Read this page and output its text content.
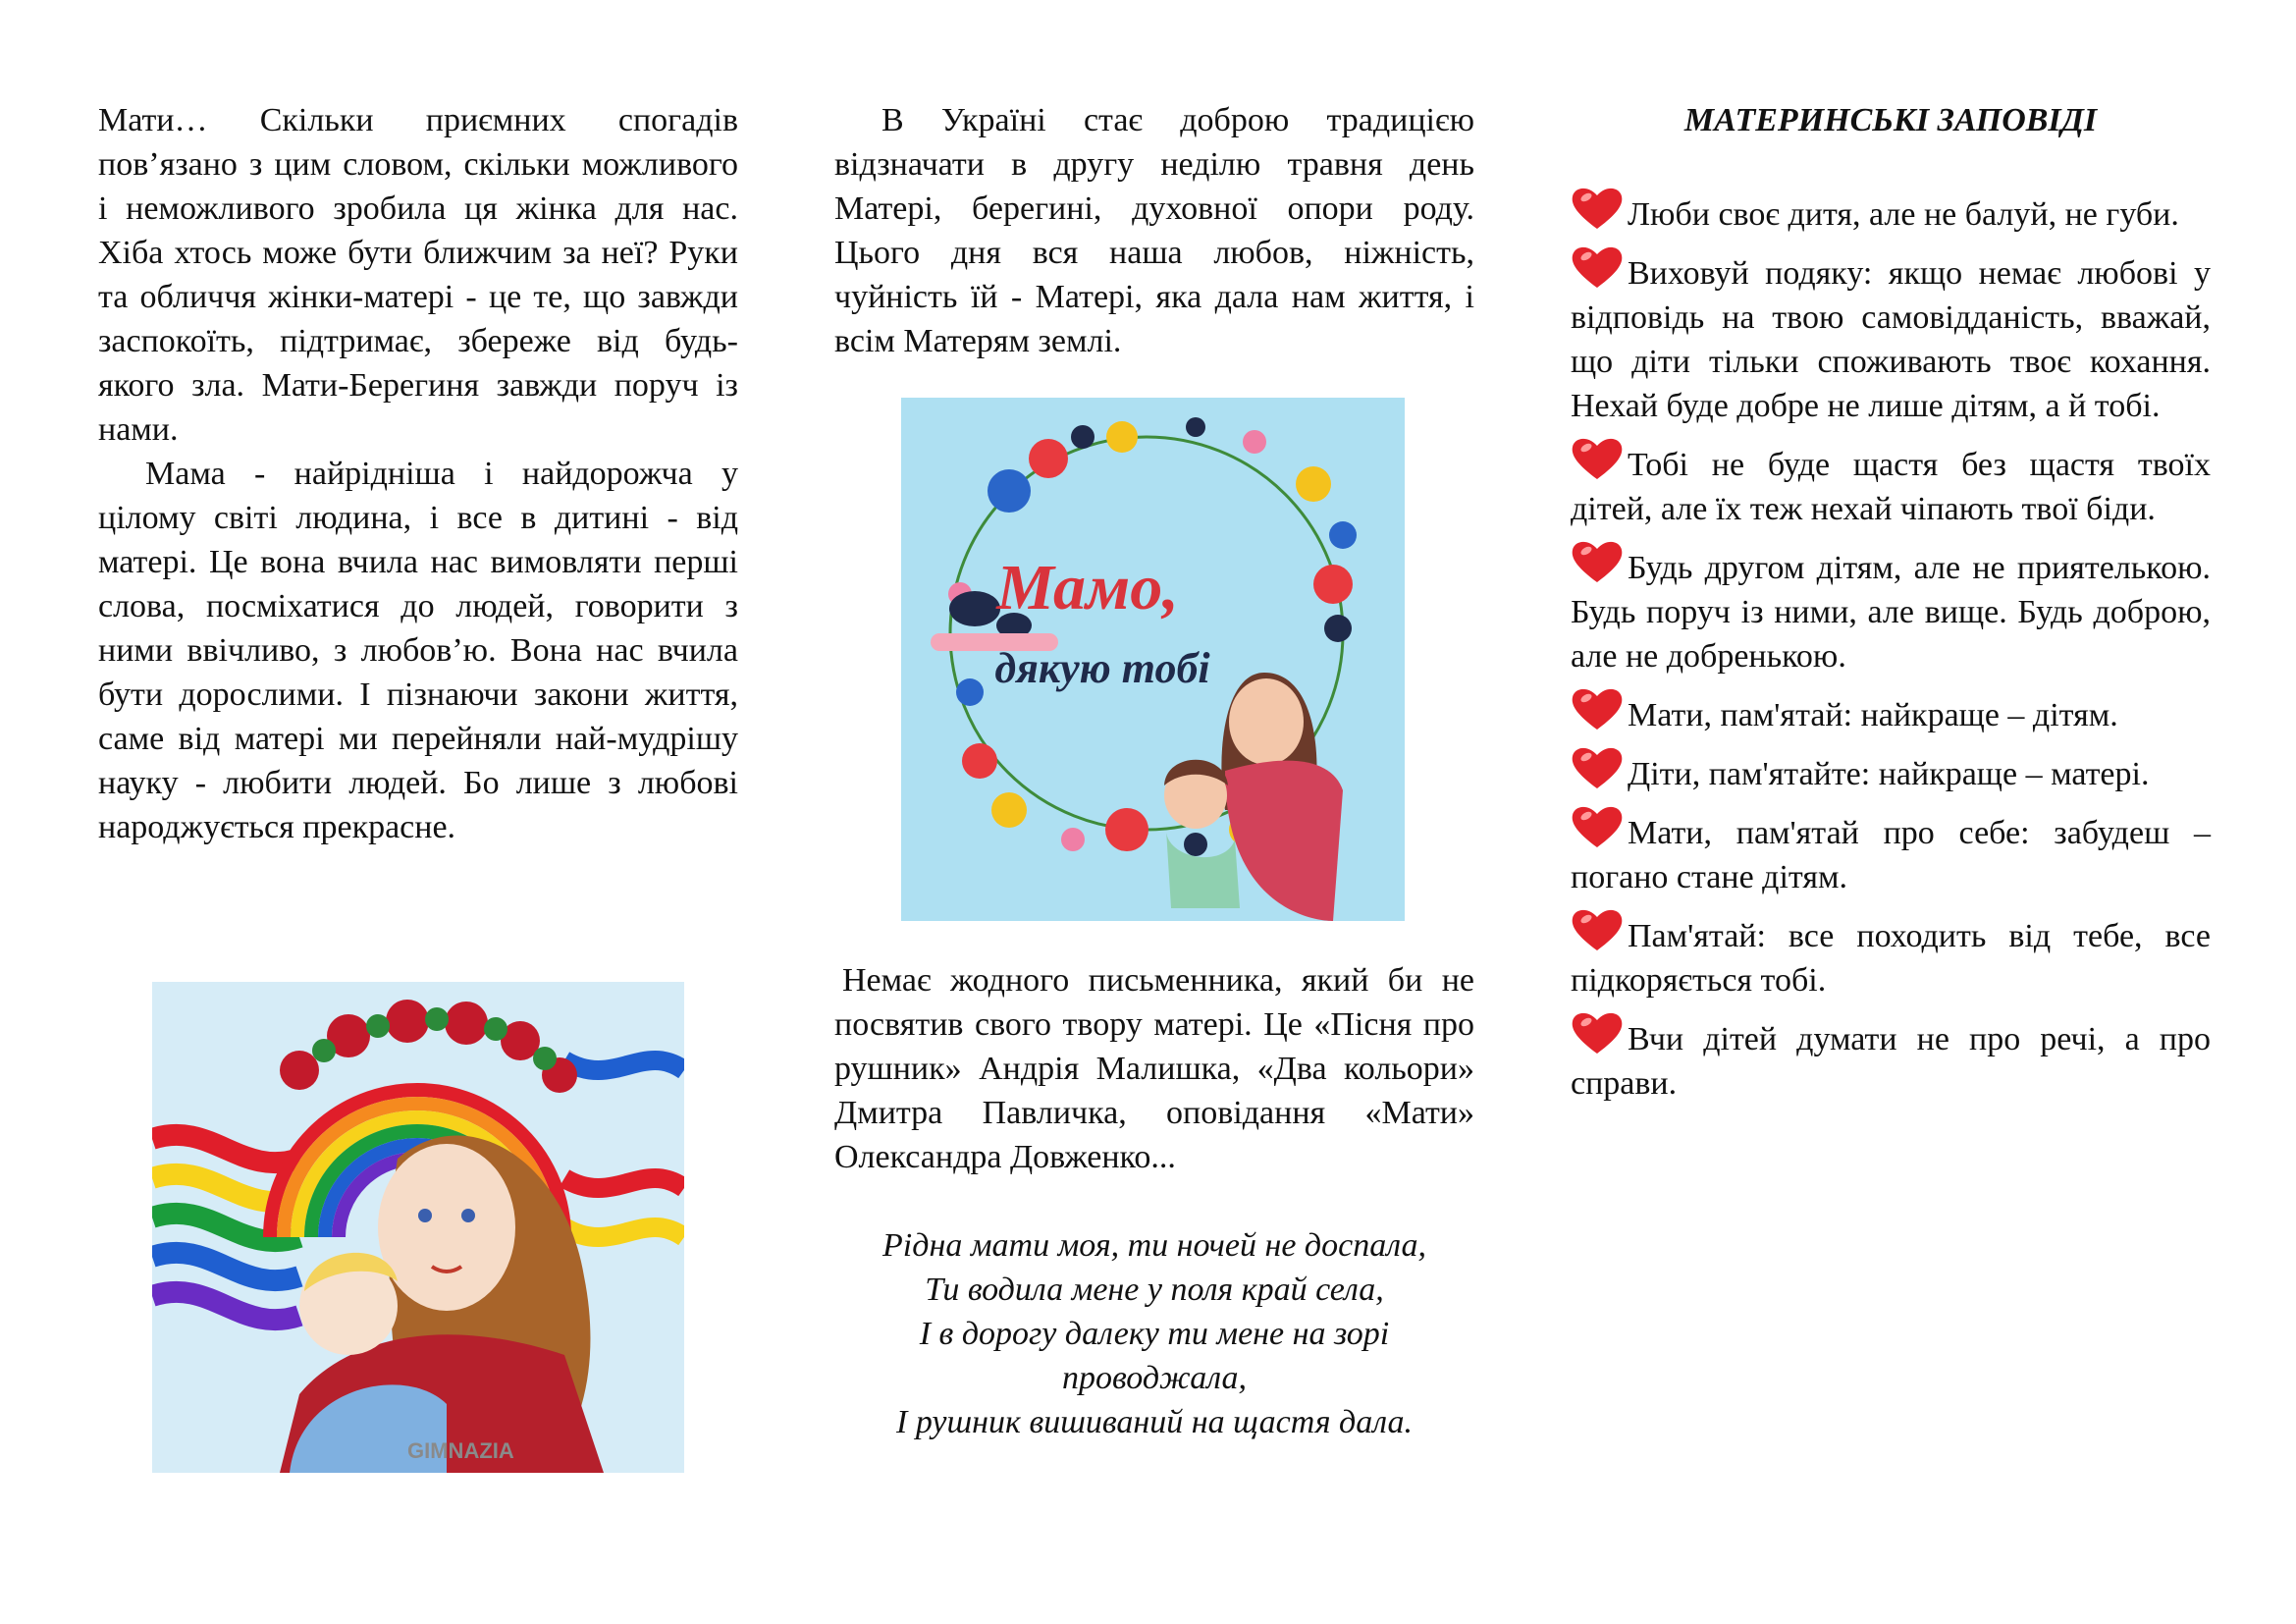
Мати… Скільки приємних спогадів пов’язано з цим словом, скільки можливого і неможливого зробила ця жінка для нас. Хіба хтось може бути ближчим за неї? Руки та обличчя жінки-матері - це те, що завжди заспокоїть, підтримає, збереже від будь-якого зла. Мати-Берегиня завжди поруч із нами.

Мама - найрідніша і найдорожча у цілому світі людина, і все в дитині - від матері. Це вона вчила нас вимовляти перші слова, посміхатися до людей, говорити з ними ввічливо, з любов’ю. Вона нас вчила бути дорослими. І пізнаючи закони життя, саме від матері ми перейняли най-мудрішу науку - любити людей. Бо лише з любові народжується прекрасне.

GIMNAZIA

В Україні стає доброю традицією відзначати в другу неділю травня день Матері, берегині, духовної опори роду. Цього дня вся наша любов, ніжність, чуйність їй - Матері, яка дала нам життя, і всім Матерям землі.

Мамо,
дякую тобі

Немає жодного письменника, який би не посвятив свого твору матері. Це «Пісня про рушник» Андрія Малишка, «Два кольори» Дмитра Павличка, оповідання «Мати» Олександра Довженко...

Рідна мати моя, ти ночей не доспала,

Ти водила мене у поля край села,

І в дорогу далеку ти мене на зорі

проводжала,

І рушник вишиваний на щастя дала.

МАТЕРИНСЬКІ ЗАПОВІДІ

Люби своє дитя, але не балуй, не губи.

Виховуй подяку: якщо немає любові у відповідь на твою самовідданість, вважай, що діти тільки споживають твоє кохання. Нехай буде добре не лише дітям, а й тобі.

Тобі не буде щастя без щастя твоїх дітей, але їх теж нехай чіпають твої біди.

Будь другом дітям, але не приятелькою. Будь поруч із ними, але вище. Будь доброю, але не добренькою.

Мати, пам'ятай: найкраще – дітям.

Діти, пам'ятайте: найкраще – матері.

Мати, пам'ятай про себе: забудеш – погано стане дітям.

Пам'ятай: все походить від тебе, все підкоряється тобі.

Вчи дітей думати не про речі, а про справи.
